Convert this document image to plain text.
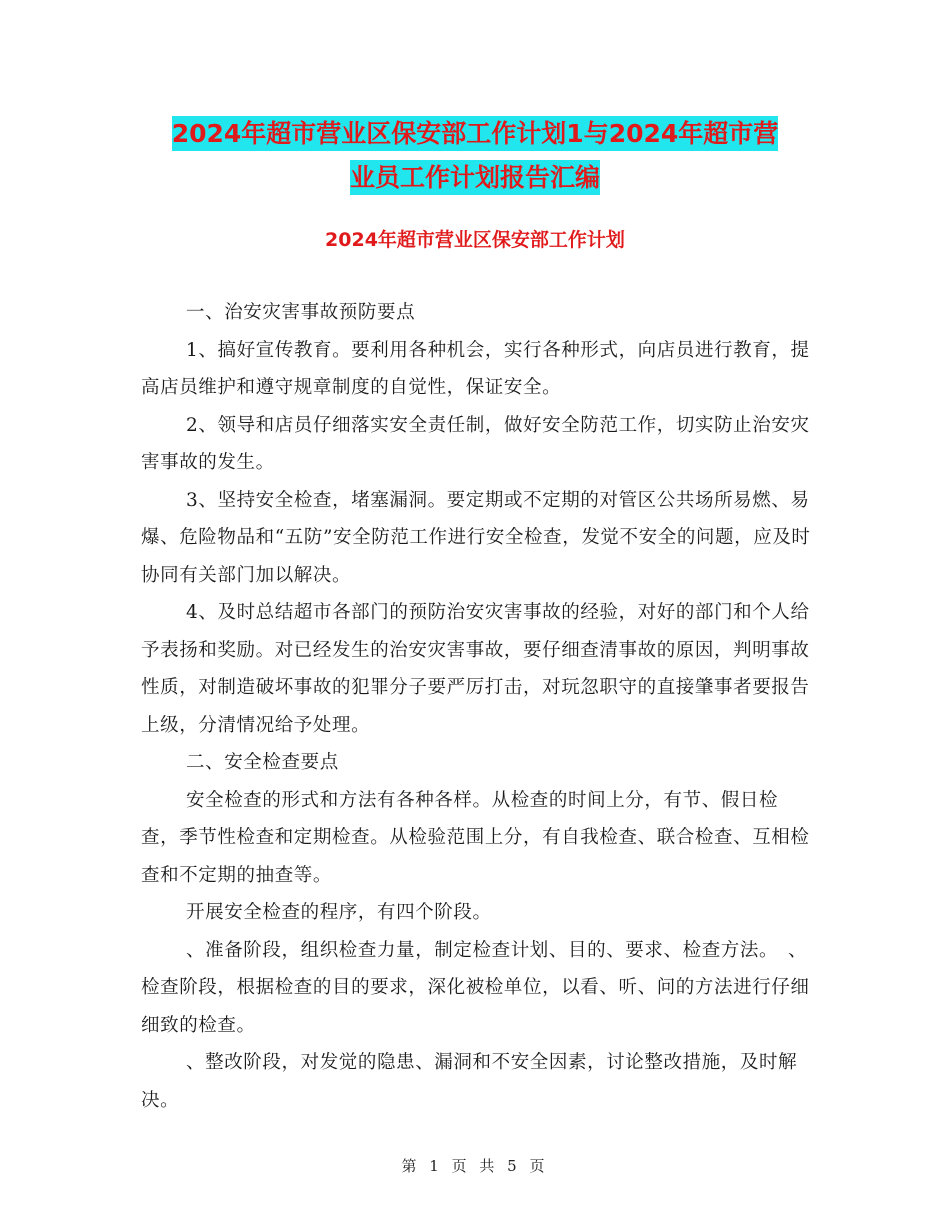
2024年超市营业区保安部工作计划1与2024年超市营
业员工作计划报告汇编
2024年超市营业区保安部工作计划

一、治安灾害事故预防要点

1、搞好宣传教育。要利用各种机会，实行各种形式，向店员进行教育，提高店员维护和遵守规章制度的自觉性，保证安全。

2、领导和店员仔细落实安全责任制，做好安全防范工作，切实防止治安灾害事故的发生。

3、坚持安全检查，堵塞漏洞。要定期或不定期的对管区公共场所易燃、易爆、危险物品和“五防”安全防范工作进行安全检查，发觉不安全的问题，应及时协同有关部门加以解决。

4、及时总结超市各部门的预防治安灾害事故的经验，对好的部门和个人给予表扬和奖励。对已经发生的治安灾害事故，要仔细查清事故的原因，判明事故性质，对制造破坏事故的犯罪分子要严厉打击，对玩忽职守的直接肇事者要报告上级，分清情况给予处理。

二、安全检查要点

安全检查的形式和方法有各种各样。从检查的时间上分，有节、假日检查，季节性检查和定期检查。从检验范围上分，有自我检查、联合检查、互相检查和不定期的抽查等。

开展安全检查的程序，有四个阶段。

、准备阶段，组织检查力量，制定检查计划、目的、要求、检查方法。　、检查阶段，根据检查的目的要求，深化被检单位，以看、听、问的方法进行仔细细致的检查。

、整改阶段，对发觉的隐患、漏洞和不安全因素，讨论整改措施，及时解决。

第 1 页 共 5 页
